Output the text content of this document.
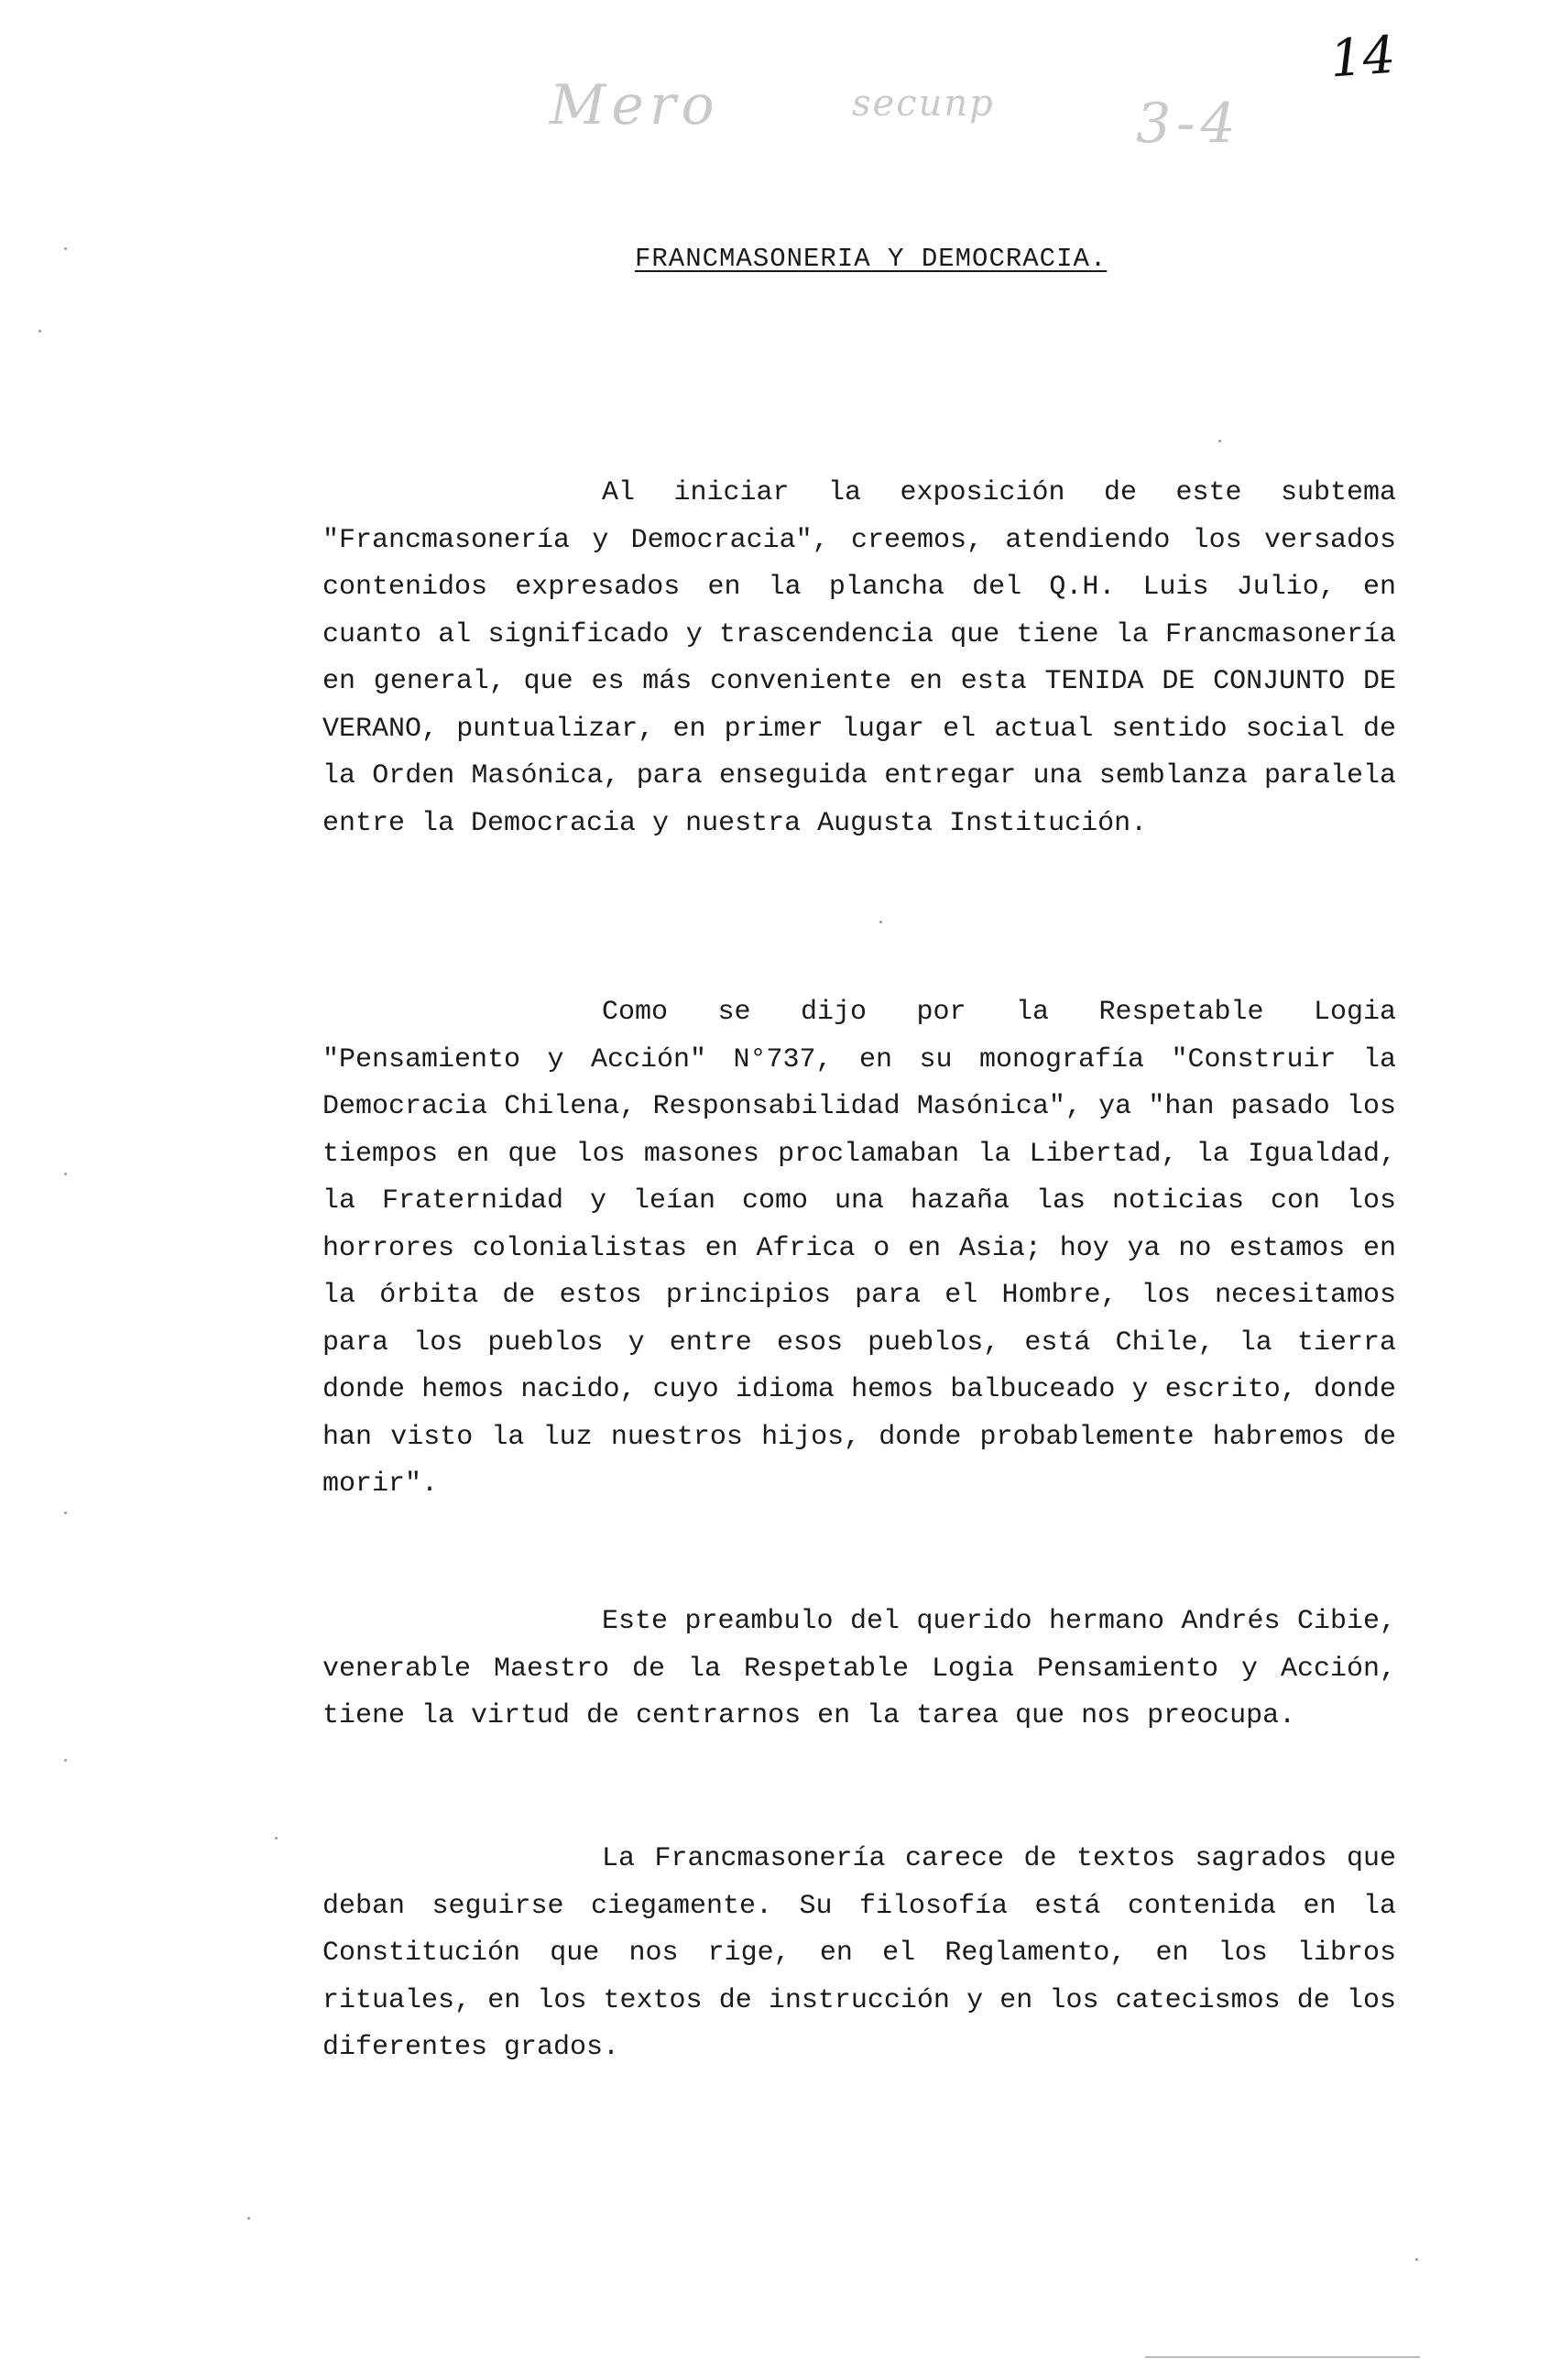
Mero	secunp	3-4
14
FRANCMASONERIA Y DEMOCRACIA.

Al iniciar la exposición de este subtema "Francmasonería y Democracia", creemos, atendiendo los versados contenidos expresados en la plancha del Q.H. Luis Julio, en cuanto al significado y trascendencia que tiene la Francmasonería en general, que es más conveniente en esta TENIDA DE CONJUNTO DE VERANO, puntualizar, en primer lugar el actual sentido social de la Orden Masónica, para enseguida entregar una semblanza paralela entre la Democracia y nuestra Augusta Institución.

Como se dijo por la Respetable Logia "Pensamiento y Acción" N°737, en su monografía "Construir la Democracia Chilena, Responsabilidad Masónica", ya "han pasado los tiempos en que los masones proclamaban la Libertad, la Igualdad, la Fraternidad y leían como una hazaña las noticias con los horrores colonialistas en Africa o en Asia; hoy ya no estamos en la órbita de estos principios para el Hombre, los necesitamos para los pueblos y entre esos pueblos, está Chile, la tierra donde hemos nacido, cuyo idioma hemos balbuceado y escrito, donde han visto la luz nuestros hijos, donde probablemente habremos de morir".

Este preambulo del querido hermano Andrés Cibie, venerable Maestro de la Respetable Logia Pensamiento y Acción, tiene la virtud de centrarnos en la tarea que nos preocupa.

La Francmasonería carece de textos sagrados que deban seguirse ciegamente. Su filosofía está contenida en la Constitución que nos rige, en el Reglamento, en los libros rituales, en los textos de instrucción y en los catecismos de los diferentes grados.
